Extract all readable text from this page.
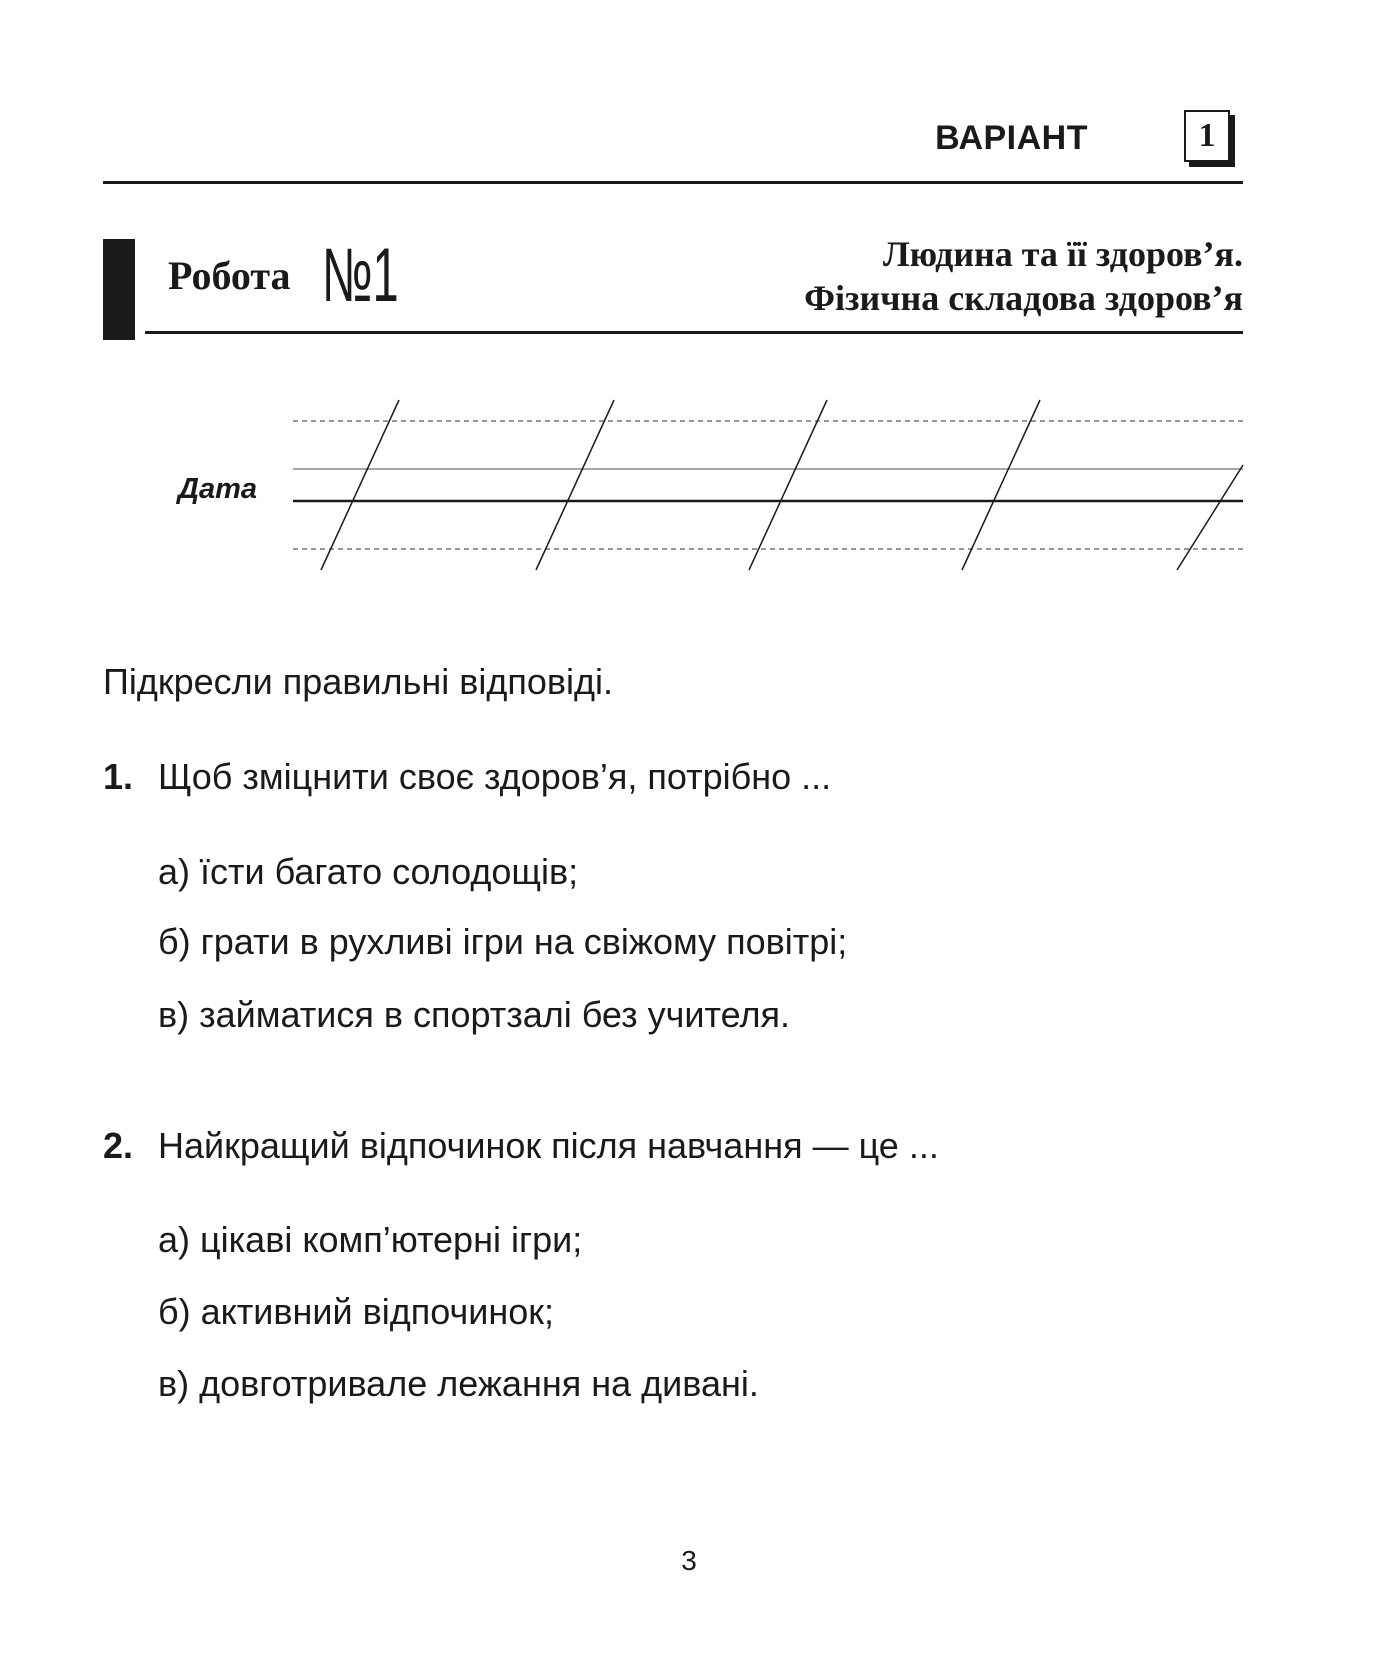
ВАРІАНТ	1
Робота №1	Людина та її здоров’я.
Фізична складова здоров’я
Дата
Підкресли правильні відповіді.
1. Щоб зміцнити своє здоров’я, потрібно ...
а) їсти багато солодощів;
б) грати в рухливі ігри на свіжому повітрі;
в) займатися в спортзалі без учителя.
2. Найкращий відпочинок після навчання — це ...
а) цікаві комп’ютерні ігри;
б) активний відпочинок;
в) довготривале лежання на дивані.
3
